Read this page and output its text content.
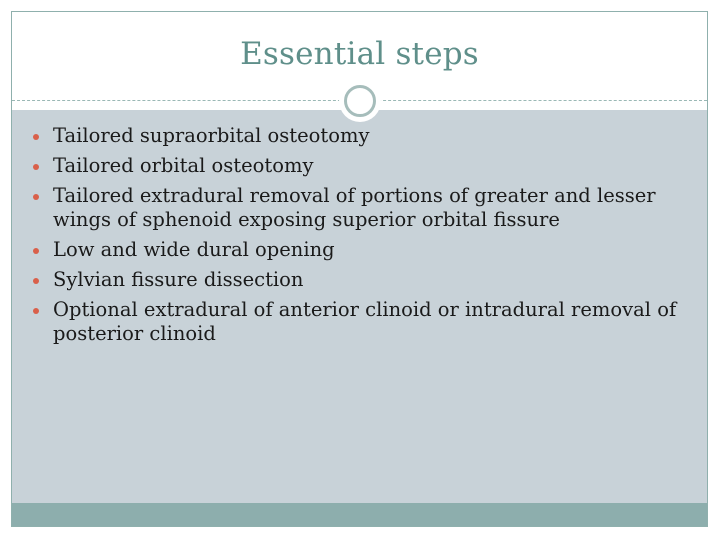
Essential steps
Tailored supraorbital osteotomy
Tailored orbital osteotomy
Tailored extradural removal of portions of greater and lesser wings of sphenoid exposing superior orbital fissure
Low and wide dural opening
Sylvian fissure dissection
Optional extradural of anterior clinoid or intradural removal of posterior clinoid
